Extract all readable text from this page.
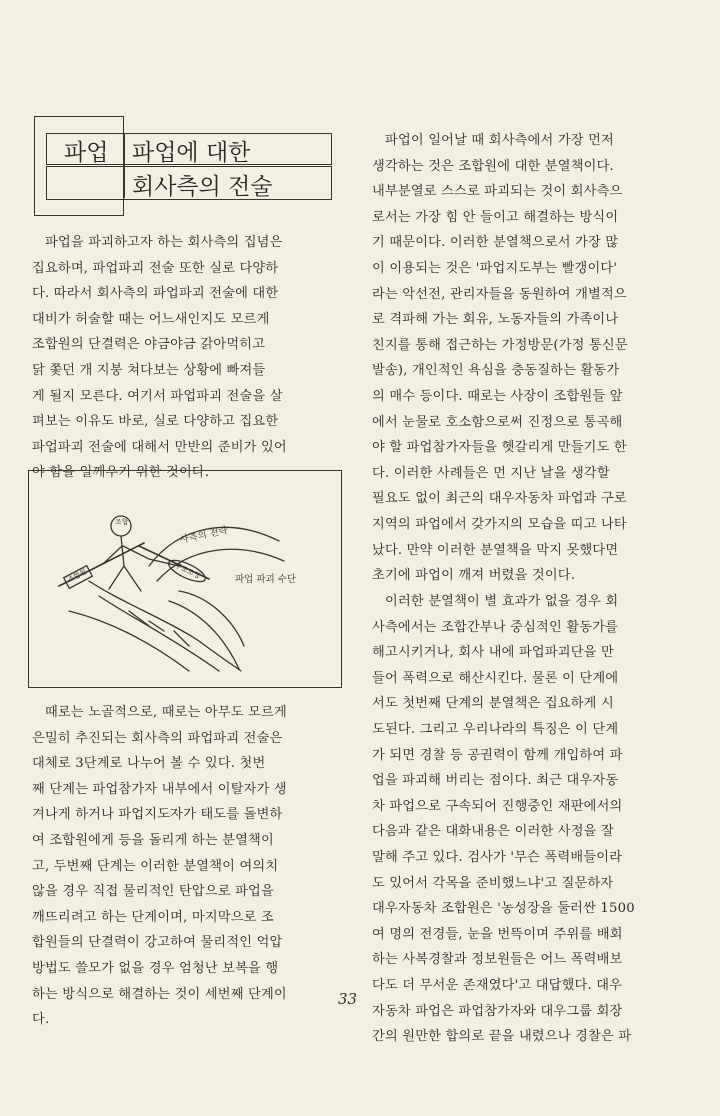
파업 파업에 대한
회사측의 전술
파업을 파괴하고자 하는 회사측의 집념은
집요하며, 파업파괴 전술 또한 실로 다양하
다. 따라서 회사측의 파업파괴 전술에 대한
대비가 허술할 때는 어느새인지도 모르게
조합원의 단결력은 야금야금 갉아먹히고
닭 쫓던 개 지붕 쳐다보는 상황에 빠져들
게 될지 모른다. 여기서 파업파괴 전술을 살
펴보는 이유도 바로, 실로 다양하고 집요한
파업파괴 전술에 대해서 만반의 준비가 있어
야 함을 일깨우기 위한 것이다.
조합
사측의 전략
파업 파괴 수단
조합원	구조조정
때로는 노골적으로, 때로는 아무도 모르게
은밀히 추진되는 회사측의 파업파괴 전술은
대체로 3단계로 나누어 볼 수 있다. 첫번
째 단계는 파업참가자 내부에서 이탈자가 생
겨나게 하거나 파업지도자가 태도를 돌변하
여 조합원에게 등을 돌리게 하는 분열책이
고, 두번째 단계는 이러한 분열책이 여의치
않을 경우 직접 물리적인 탄압으로 파업을
깨뜨리려고 하는 단계이며, 마지막으로 조
합원들의 단결력이 강고하여 물리적인 억압
방법도 쓸모가 없을 경우 엄청난 보복을 행
하는 방식으로 해결하는 것이 세번째 단계이
다.
파업이 일어날 때 회사측에서 가장 먼저
생각하는 것은 조합원에 대한 분열책이다.
내부분열로 스스로 파괴되는 것이 회사측으
로서는 가장 힘 안 들이고 해결하는 방식이
기 때문이다. 이러한 분열책으로서 가장 많
이 이용되는 것은 '파업지도부는 빨갱이다'
라는 악선전, 관리자들을 동원하여 개별적으
로 격파해 가는 회유, 노동자들의 가족이나
친지를 통해 접근하는 가정방문(가정 통신문
발송), 개인적인 욕심을 충동질하는 활동가
의 매수 등이다. 때로는 사장이 조합원들 앞
에서 눈물로 호소함으로써 진정으로 통곡해
야 할 파업참가자들을 헷갈리게 만들기도 한
다. 이러한 사례들은 먼 지난 날을 생각할
필요도 없이 최근의 대우자동차 파업과 구로
지역의 파업에서 갖가지의 모습을 띠고 나타
났다. 만약 이러한 분열책을 막지 못했다면
초기에 파업이 깨져 버렸을 것이다.
이러한 분열책이 별 효과가 없을 경우 회
사측에서는 조합간부나 중심적인 활동가를
해고시키거나, 회사 내에 파업파괴단을 만
들어 폭력으로 해산시킨다. 물론 이 단계에
서도 첫번째 단계의 분열책은 집요하게 시
도된다. 그리고 우리나라의 특징은 이 단계
가 되면 경찰 등 공권력이 함께 개입하여 파
업을 파괴해 버리는 점이다. 최근 대우자동
차 파업으로 구속되어 진행중인 재판에서의
다음과 같은 대화내용은 이러한 사정을 잘
말해 주고 있다. 검사가 '무슨 폭력배들이라
도 있어서 각목을 준비했느냐'고 질문하자
대우자동차 조합원은 '농성장을 둘러싼 1500
여 명의 전경들, 눈을 번뜩이며 주위를 배회
하는 사복경찰과 정보원들은 어느 폭력배보
다도 더 무서운 존재였다'고 대답했다. 대우
자동차 파업은 파업참가자와 대우그룹 회장
간의 원만한 합의로 끝을 내렸으나 경찰은 파
33
